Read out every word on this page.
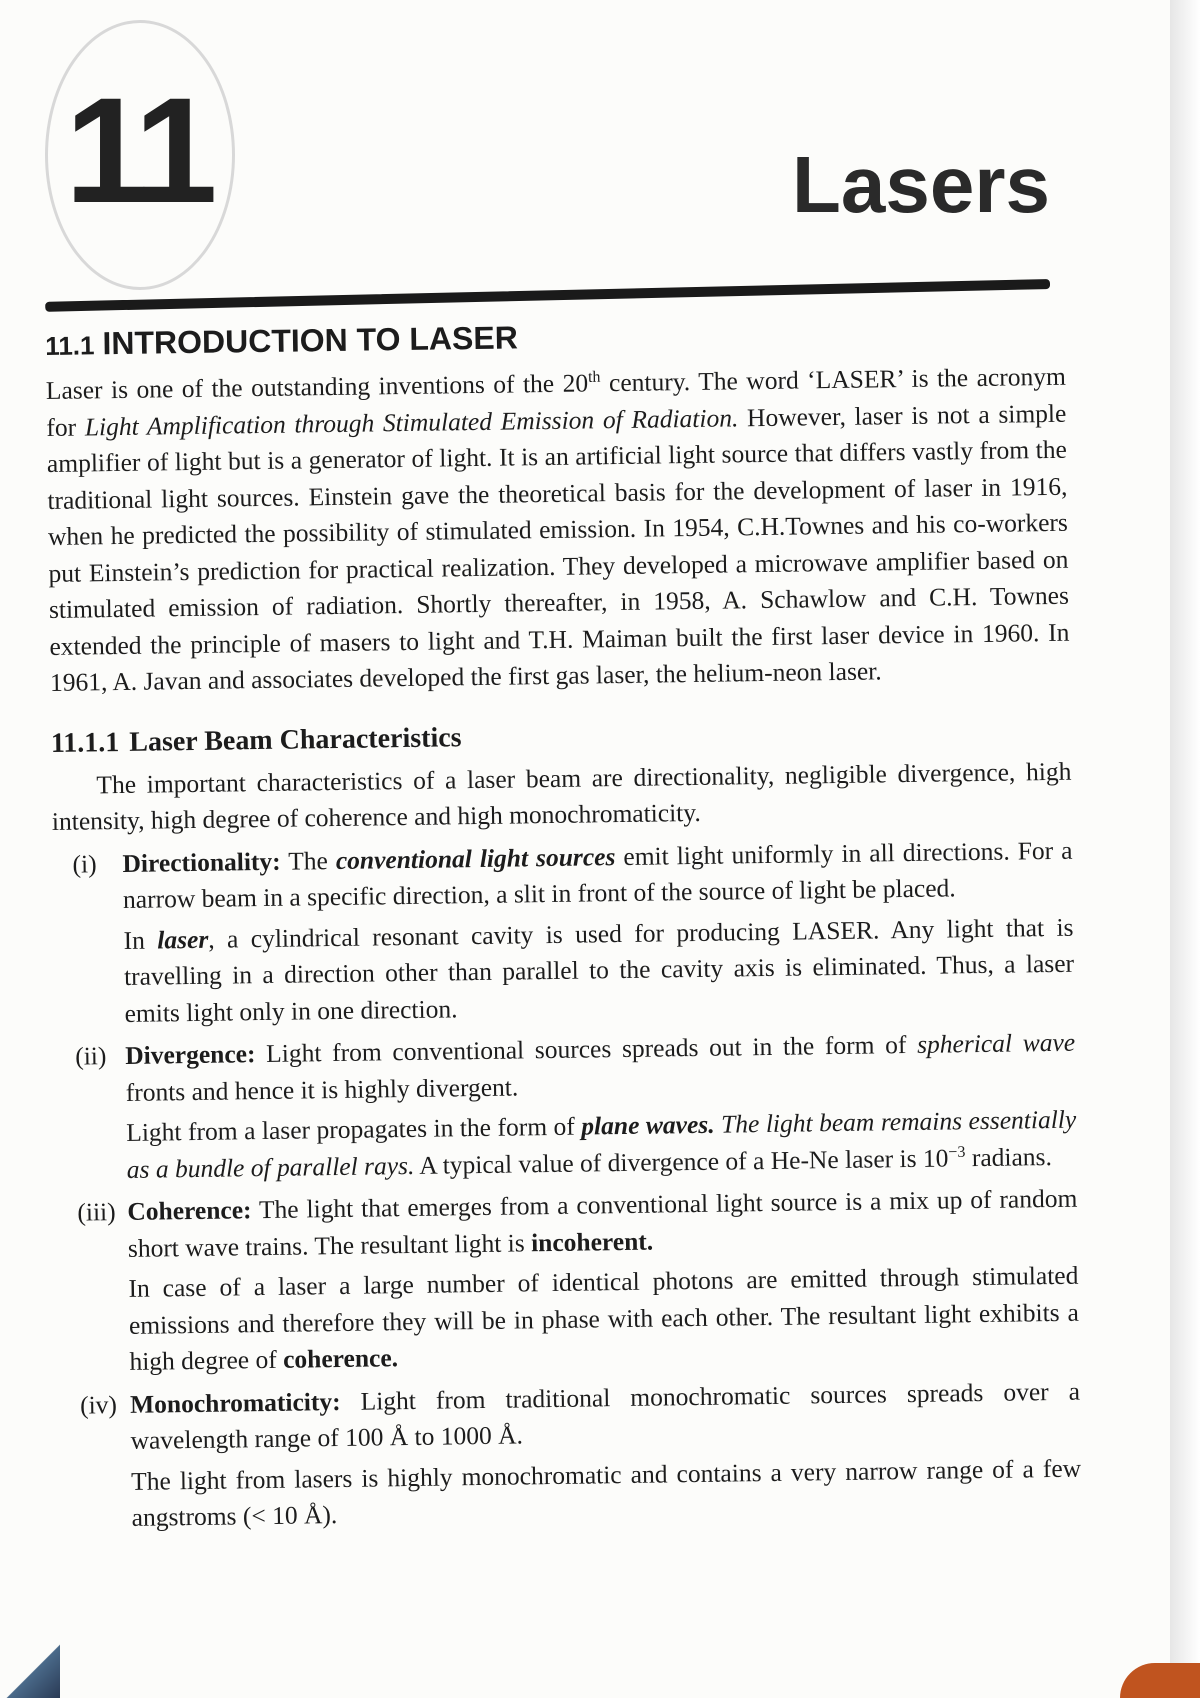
11	Lasers
11.1 INTRODUCTION TO LASER

Laser is one of the outstanding inventions of the 20th century. The word ‘LASER’ is the acronym for Light Amplification through Stimulated Emission of Radiation. However, laser is not a simple amplifier of light but is a generator of light. It is an artificial light source that differs vastly from the traditional light sources. Einstein gave the theoretical basis for the development of laser in 1916, when he predicted the possibility of stimulated emission. In 1954, C.H.Townes and his co-workers put Einstein’s prediction for practical realization. They developed a microwave amplifier based on stimulated emission of radiation. Shortly thereafter, in 1958, A. Schawlow and C.H. Townes extended the principle of masers to light and T.H. Maiman built the first laser device in 1960. In 1961, A. Javan and associates developed the first gas laser, the helium-neon laser.

11.1.1 Laser Beam Characteristics

The important characteristics of a laser beam are directionality, negligible divergence, high intensity, high degree of coherence and high monochromaticity.

(i)	Directionality: The conventional light sources emit light uniformly in all directions. For a narrow beam in a specific direction, a slit in front of the source of light be placed.

In laser, a cylindrical resonant cavity is used for producing LASER. Any light that is travelling in a direction other than parallel to the cavity axis is eliminated. Thus, a laser emits light only in one direction.

(ii) Divergence: Light from conventional sources spreads out in the form of spherical wave fronts and hence it is highly divergent.

Light from a laser propagates in the form of plane waves. The light beam remains essentially as a bundle of parallel rays. A typical value of divergence of a He-Ne laser is $10^{-3}$ radians.

(iii) Coherence: The light that emerges from a conventional light source is a mix up of random short wave trains. The resultant light is incoherent.

In case of a laser a large number of identical photons are emitted through stimulated emissions and therefore they will be in phase with each other. The resultant light exhibits a high degree of coherence.

(iv) Monochromaticity: Light from traditional monochromatic sources spreads over a wavelength range of 100 Å to 1000 Å.

The light from lasers is highly monochromatic and contains a very narrow range of a few angstroms (< 10 Å).
